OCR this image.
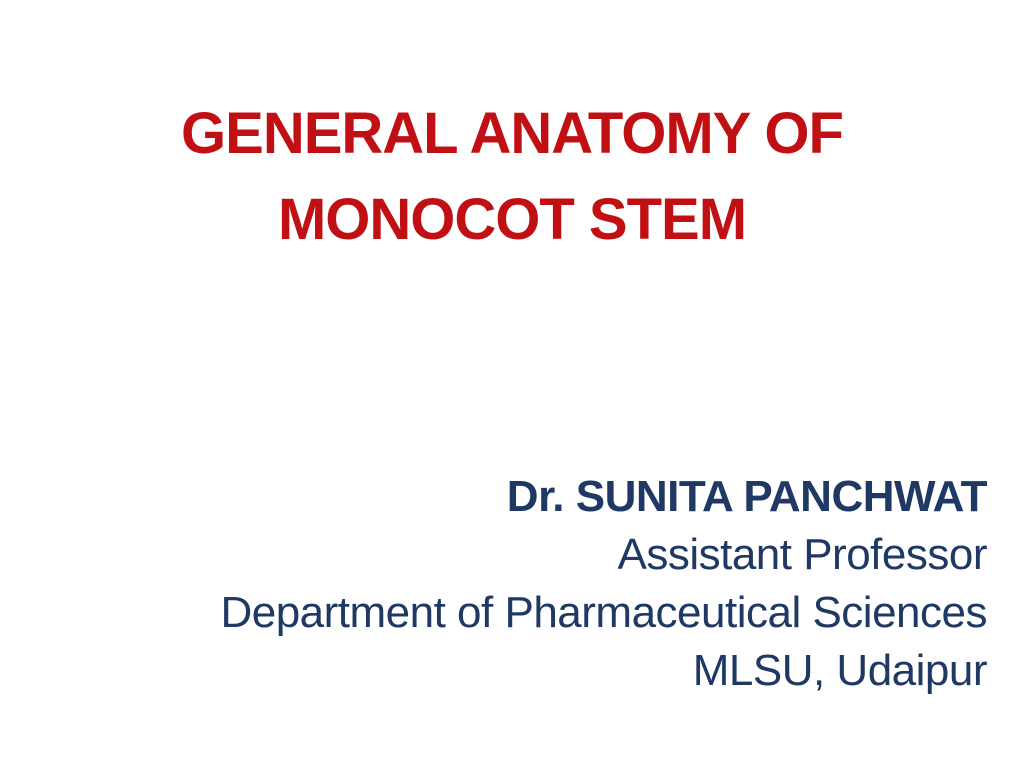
GENERAL ANATOMY OF
MONOCOT STEM
Dr. SUNITA PANCHWAT
Assistant Professor
Department of Pharmaceutical Sciences
MLSU, Udaipur
